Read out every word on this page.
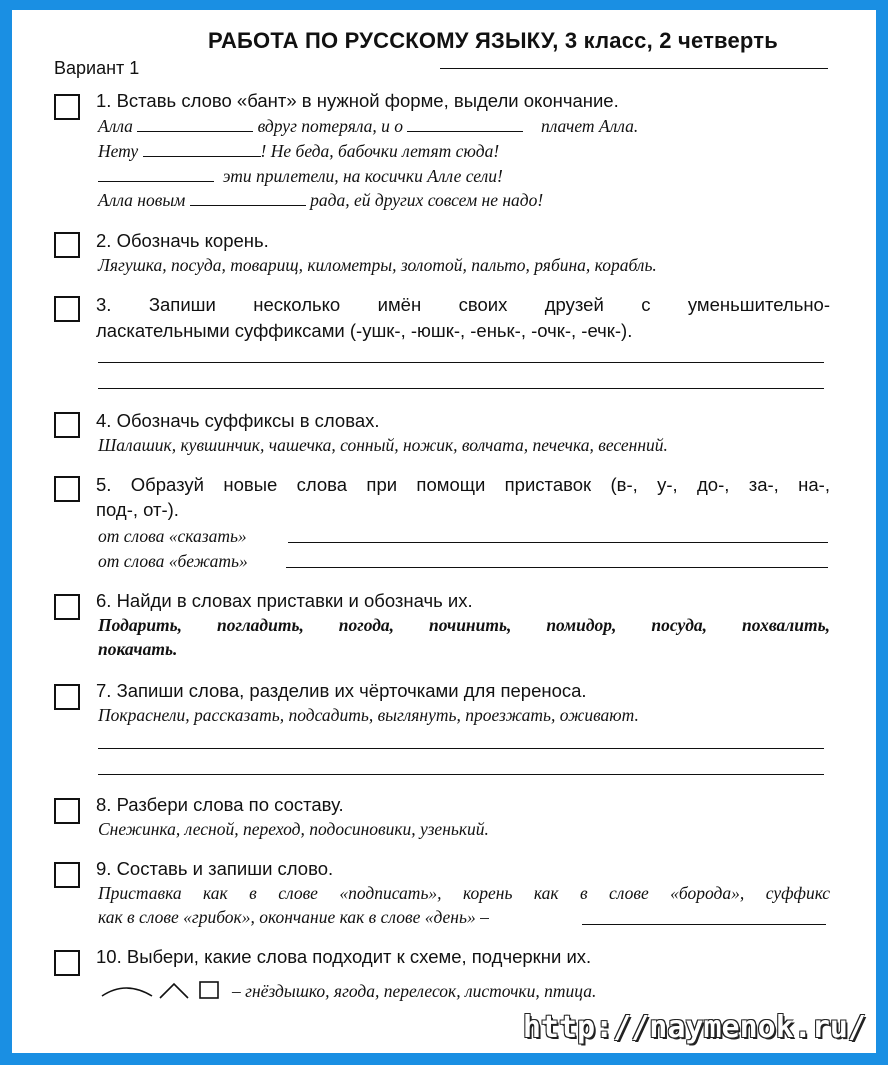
РАБОТА ПО РУССКОМУ ЯЗЫКУ, 3 класс, 2 четверть
Вариант 1
1. Вставь слово «бант» в нужной форме, выдели окончание.
Алла	вдруг потеряла, и о	плачет Алла.
Нету	! Не беда, бабочки летят сюда!
эти прилетели, на косички Алле сели!
Алла новым	рада, ей других совсем не надо!
2. Обозначь корень.
Лягушка, посуда, товарищ, километры, золотой, пальто, рябина, корабль.
3. Запиши несколько имён своих друзей с уменьшительно-
ласкательными суффиксами (-ушк-, -юшк-, -еньк-, -очк-, -ечк-).
4. Обозначь суффиксы в словах.
Шалашик, кувшинчик, чашечка, сонный, ножик, волчата, печечка, весенний.
5. Образуй новые слова при помощи приставок (в-, у-, до-, за-, на-,
под-, от-).
от слова «сказать»
от слова «бежать»
6. Найди в словах приставки и обозначь их.
Подарить, погладить, погода, починить, помидор, посуда, похвалить,
покачать.
7. Запиши слова, разделив их чёрточками для переноса.
Покраснели, рассказать, подсадить, выглянуть, проезжать, оживают.
8. Разбери слова по составу.
Снежинка, лесной, переход, подосиновики, узенький.
9. Составь и запиши слово.
Приставка как в слове «подписать», корень как в слове «борода», суффикс
как в слове «грибок», окончание как в слове «день» –
10. Выбери, какие слова подходит к схеме, подчеркни их.
– гнёздышко, ягода, перелесок, листочки, птица.
http://naymenok.ru/
